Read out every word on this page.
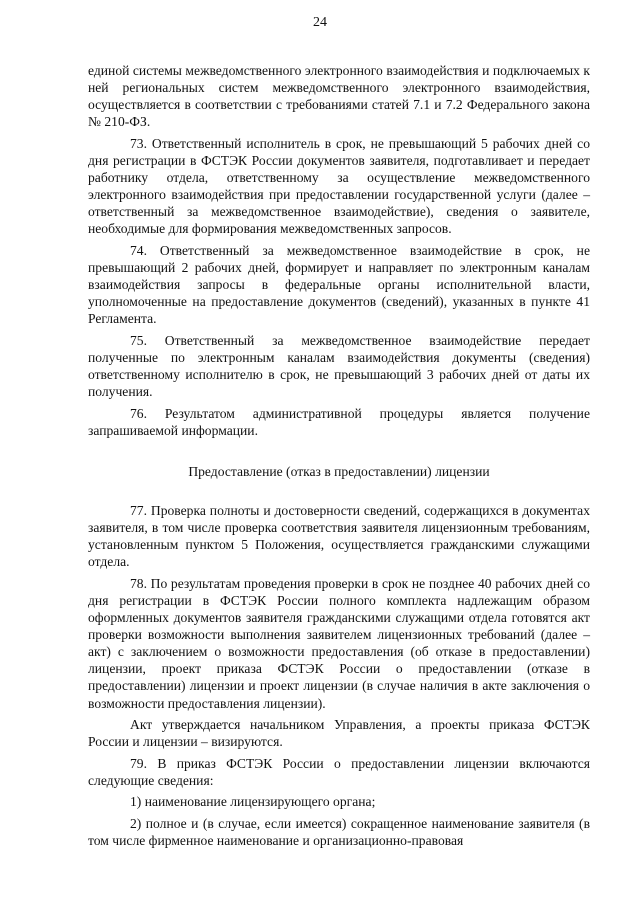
24

единой системы межведомственного электронного взаимодействия и подключаемых к ней региональных систем межведомственного электронного взаимодействия, осуществляется в соответствии с требованиями статей 7.1 и 7.2 Федерального закона № 210-ФЗ.

73. Ответственный исполнитель в срок, не превышающий 5 рабочих дней со дня регистрации в ФСТЭК России документов заявителя, подготавливает и передает работнику отдела, ответственному за осуществление межведомственного электронного взаимодействия при предоставлении государственной услуги (далее – ответственный за межведомственное взаимодействие), сведения о заявителе, необходимые для формирования межведомственных запросов.

74. Ответственный за межведомственное взаимодействие в срок, не превышающий 2 рабочих дней, формирует и направляет по электронным каналам взаимодействия запросы в федеральные органы исполнительной власти, уполномоченные на предоставление документов (сведений), указанных в пункте 41 Регламента.

75. Ответственный за межведомственное взаимодействие передает полученные по электронным каналам взаимодействия документы (сведения) ответственному исполнителю в срок, не превышающий 3 рабочих дней от даты их получения.

76. Результатом административной процедуры является получение запрашиваемой информации.

Предоставление (отказ в предоставлении) лицензии

77. Проверка полноты и достоверности сведений, содержащихся в документах заявителя, в том числе проверка соответствия заявителя лицензионным требованиям, установленным пунктом 5 Положения, осуществляется гражданскими служащими отдела.

78. По результатам проведения проверки в срок не позднее 40 рабочих дней со дня регистрации в ФСТЭК России полного комплекта надлежащим образом оформленных документов заявителя гражданскими служащими отдела готовятся акт проверки возможности выполнения заявителем лицензионных требований (далее – акт) с заключением о возможности предоставления (об отказе в предоставлении) лицензии, проект приказа ФСТЭК России о предоставлении (отказе в предоставлении) лицензии и проект лицензии (в случае наличия в акте заключения о возможности предоставления лицензии).

Акт утверждается начальником Управления, а проекты приказа ФСТЭК России и лицензии – визируются.

79. В приказ ФСТЭК России о предоставлении лицензии включаются следующие сведения:

1) наименование лицензирующего органа;

2) полное и (в случае, если имеется) сокращенное наименование заявителя (в том числе фирменное наименование и организационно-правовая
